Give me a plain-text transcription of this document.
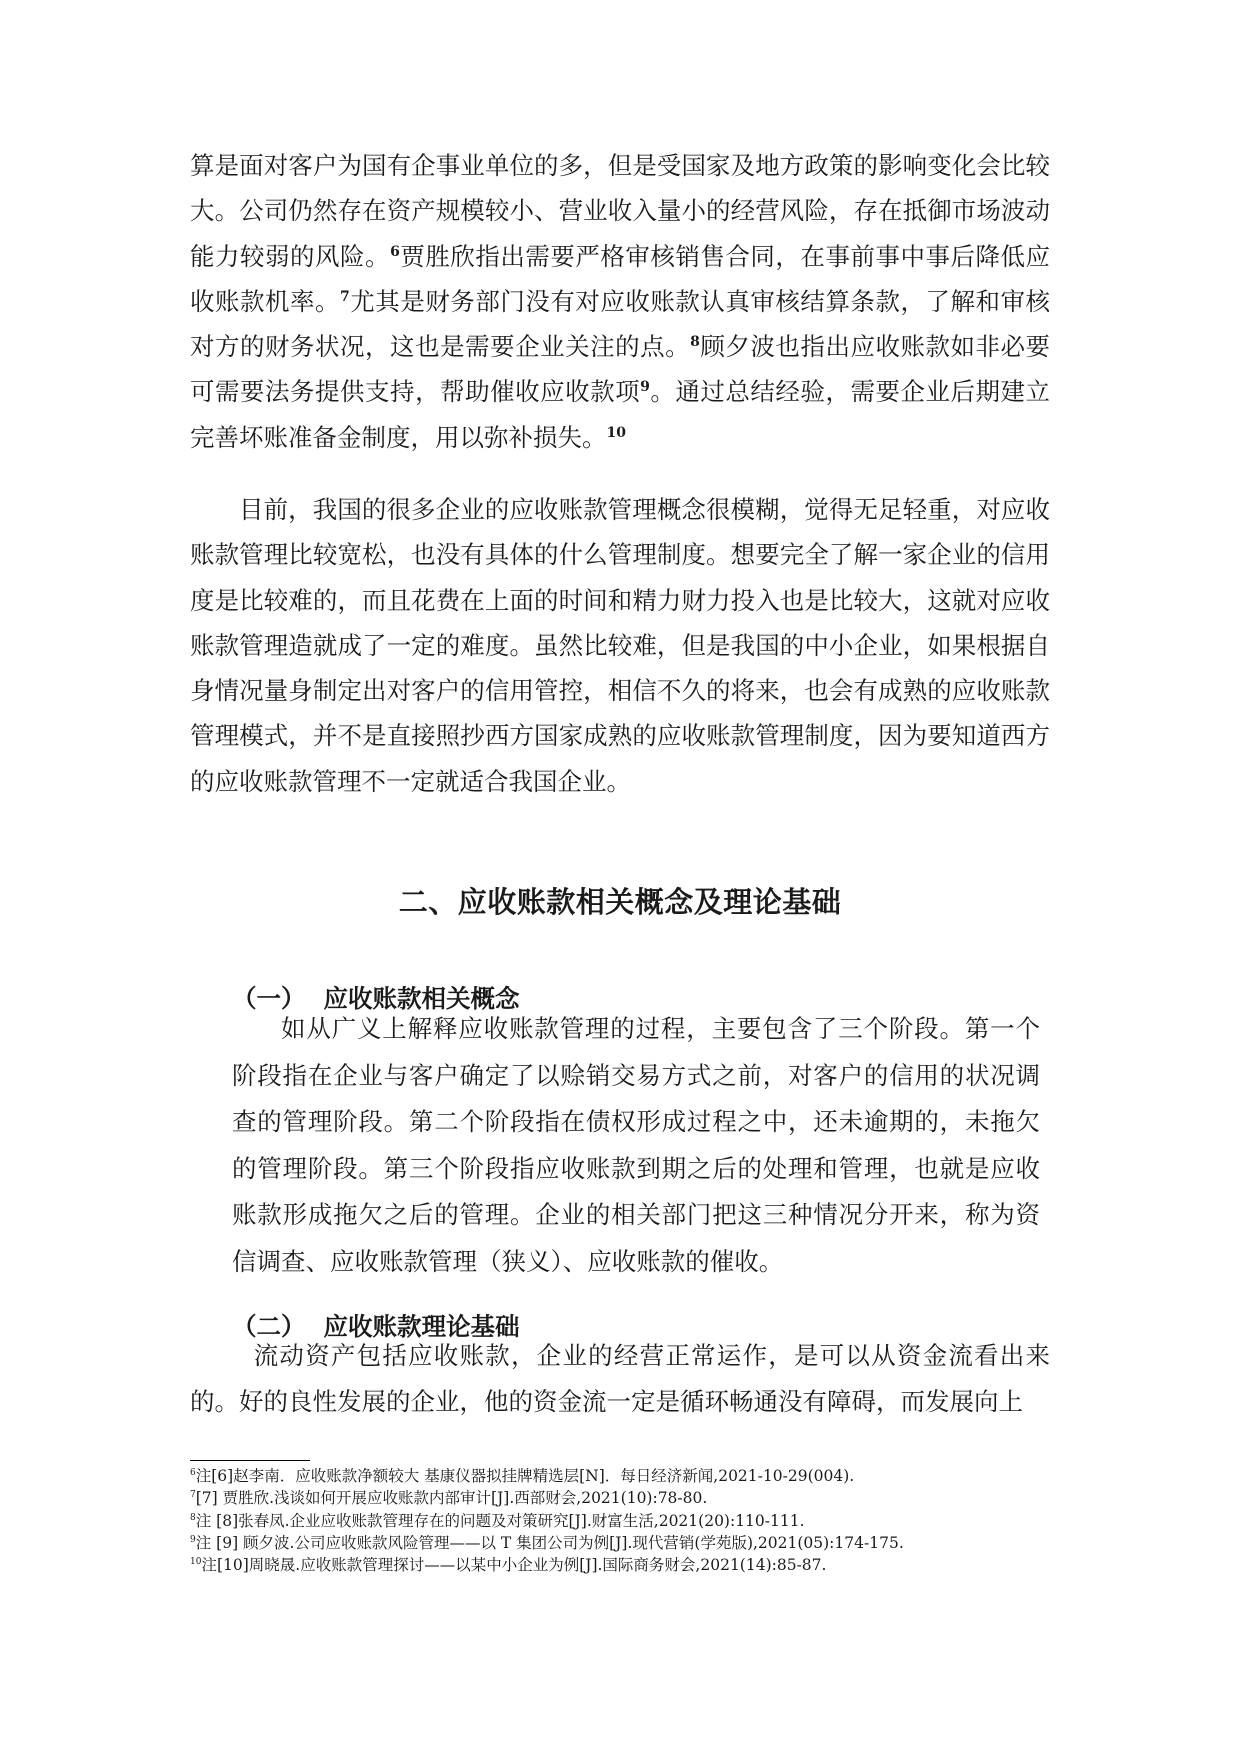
算是面对客户为国有企事业单位的多，但是受国家及地方政策的影响变化会比较大。公司仍然存在资产规模较小、营业收入量小的经营风险，存在抵御市场波动能力较弱的风险。$^6$贾胜欣指出需要严格审核销售合同，在事前事中事后降低应收账款机率。$^7$尤其是财务部门没有对应收账款认真审核结算条款，了解和审核对方的财务状况，这也是需要企业关注的点。$^8$顾夕波也指出应收账款如非必要可需要法务提供支持，帮助催收应收款项$^9$。通过总结经验，需要企业后期建立完善坏账准备金制度，用以弥补损失。$^{10}$

目前，我国的很多企业的应收账款管理概念很模糊，觉得无足轻重，对应收账款管理比较宽松，也没有具体的什么管理制度。想要完全了解一家企业的信用度是比较难的，而且花费在上面的时间和精力财力投入也是比较大，这就对应收账款管理造就成了一定的难度。虽然比较难，但是我国的中小企业，如果根据自身情况量身制定出对客户的信用管控，相信不久的将来，也会有成熟的应收账款管理模式，并不是直接照抄西方国家成熟的应收账款管理制度，因为要知道西方的应收账款管理不一定就适合我国企业。

二、应收账款相关概念及理论基础
（一） 应收账款相关概念

如从广义上解释应收账款管理的过程，主要包含了三个阶段。第一个阶段指在企业与客户确定了以赊销交易方式之前，对客户的信用的状况调查的管理阶段。第二个阶段指在债权形成过程之中，还未逾期的，未拖欠的管理阶段。第三个阶段指应收账款到期之后的处理和管理，也就是应收账款形成拖欠之后的管理。企业的相关部门把这三种情况分开来，称为资信调查、应收账款管理（狭义）、应收账款的催收。

（二） 应收账款理论基础

流动资产包括应收账款，企业的经营正常运作，是可以从资金流看出来的。好的良性发展的企业，他的资金流一定是循环畅通没有障碍，而发展向上

$^6$注[6]赵李南．应收账款净额较大 基康仪器拟挂牌精选层[N]．每日经济新闻,2021-10-29(004).
$^7$[7] 贾胜欣.浅谈如何开展应收账款内部审计[J].西部财会,2021(10):78-80.
$^8$注 [8]张春凤.企业应收账款管理存在的问题及对策研究[J].财富生活,2021(20):110-111.
$^9$注 [9] 顾夕波.公司应收账款风险管理——以 T 集团公司为例[J].现代营销(学苑版),2021(05):174-175.
$^{10}$注[10]周晓晟.应收账款管理探讨——以某中小企业为例[J].国际商务财会,2021(14):85-87.
